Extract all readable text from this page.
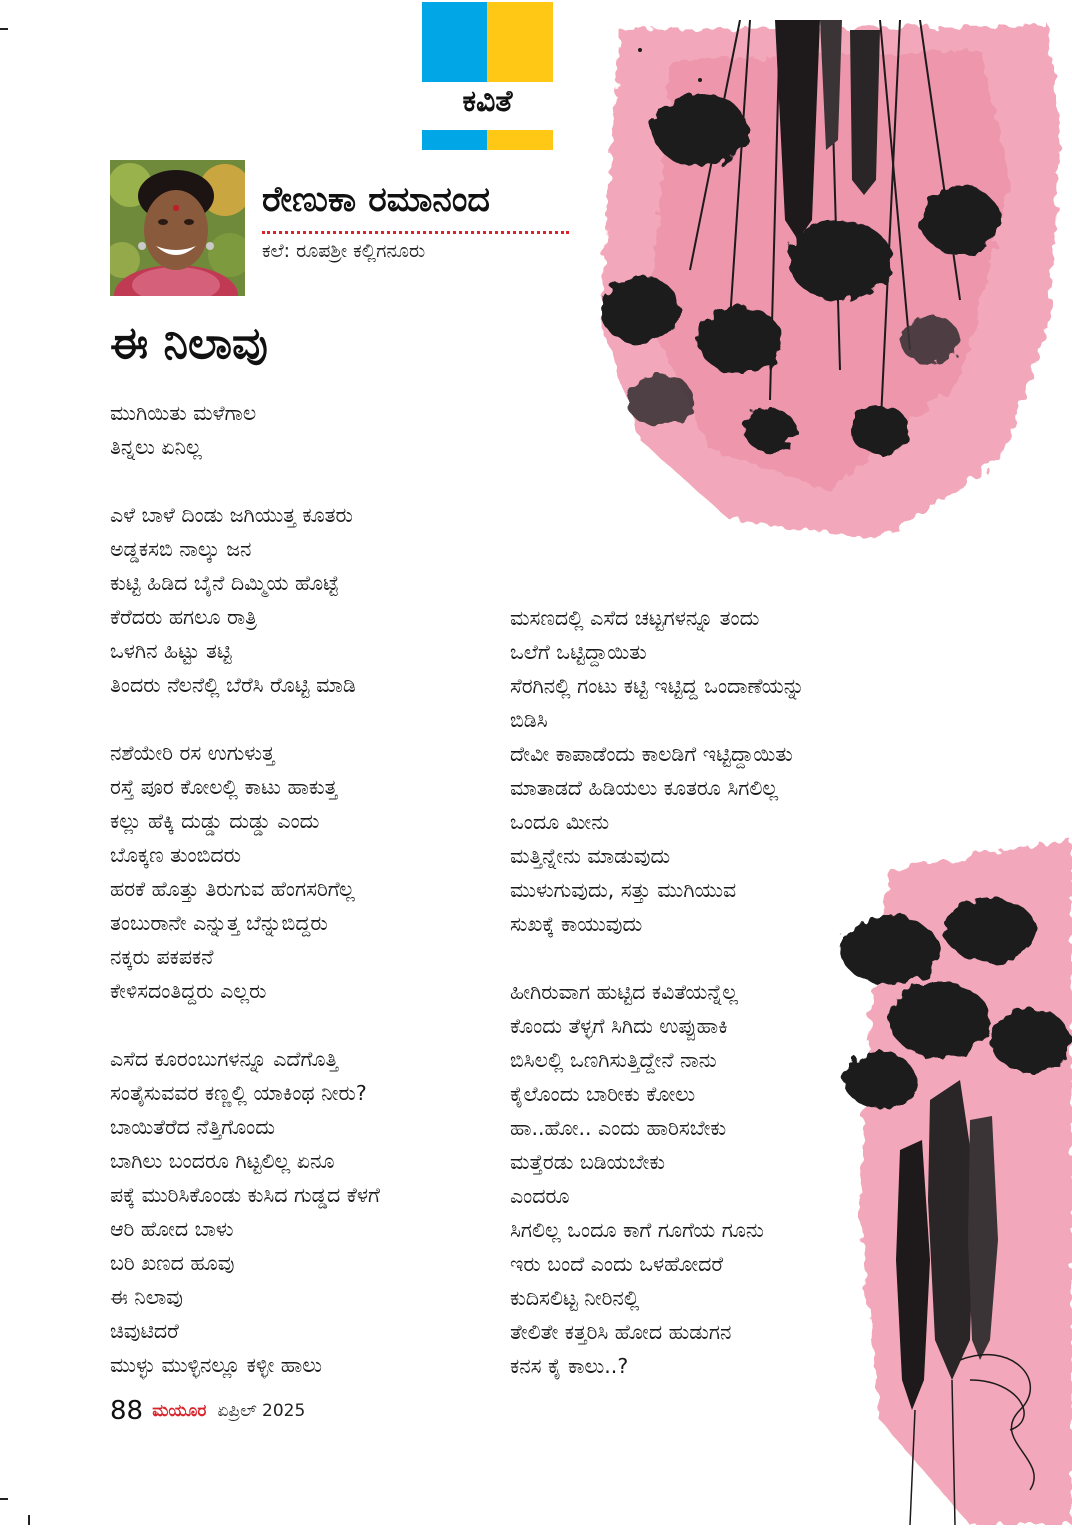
ಕವಿತೆ
ರೇಣುಕಾ ರಮಾನಂದ
ಕಲೆ: ರೂಪಶ್ರೀ ಕಲ್ಲಿಗನೂರು
ಈ ನಿಲಾವು
ಮುಗಿಯಿತು ಮಳೆಗಾಲ
ತಿನ್ನಲು ಏನಿಲ್ಲ
ಎಳೆ ಬಾಳೆ ದಿಂಡು ಜಗಿಯುತ್ತ ಕೂತರು
ಅಡ್ಡಕಸಬಿ ನಾಲ್ಕು ಜನ
ಕುಟ್ಟಿ ಹಿಡಿದ ಬೈನೆ ದಿಮ್ಮಿಯ ಹೊಟ್ಟೆ
ಕೆರೆದರು ಹಗಲೂ ರಾತ್ರಿ
ಒಳಗಿನ ಹಿಟ್ಟು ತಟ್ಟಿ
ತಿಂದರು ನೆಲನೆಲ್ಲಿ ಬೆರೆಸಿ ರೊಟ್ಟಿ ಮಾಡಿ
ನಶೆಯೇರಿ ರಸ ಉಗುಳುತ್ತ
ರಸ್ತೆ ಪೂರ ಕೋಲಲ್ಲಿ ಕಾಟು ಹಾಕುತ್ತ
ಕಲ್ಲು ಹೆಕ್ಕಿ ದುಡ್ಡು ದುಡ್ಡು ಎಂದು
ಬೊಕ್ಕಣ ತುಂಬಿದರು
ಹರಕೆ ಹೊತ್ತು ತಿರುಗುವ ಹೆಂಗಸರಿಗೆಲ್ಲ
ತಂಬುರಾನೇ ಎನ್ನುತ್ತ ಬೆನ್ನುಬಿದ್ದರು
ನಕ್ಕರು ಪಕಪಕನೆ
ಕೇಳಿಸದಂತಿದ್ದರು ಎಲ್ಲರು
ಎಸೆದ ಕೂರಂಬುಗಳನ್ನೂ ಎದೆಗೊತ್ತಿ
ಸಂತೈಸುವವರ ಕಣ್ಣಲ್ಲಿ ಯಾಕಿಂಥ ನೀರು?
ಬಾಯಿತೆರೆದ ನೆತ್ತಿಗೊಂದು
ಬಾಗಿಲು ಬಂದರೂ ಗಿಟ್ಟಲಿಲ್ಲ ಏನೂ
ಪಕ್ಕೆ ಮುರಿಸಿಕೊಂಡು ಕುಸಿದ ಗುಡ್ಡದ ಕೆಳಗೆ
ಆರಿ ಹೋದ ಬಾಳು
ಬರಿ ಖಣದ ಹೂವು
ಈ ನಿಲಾವು
ಚಿವುಟಿದರೆ
ಮುಳ್ಳು ಮುಳ್ಳಿನಲ್ಲೂ ಕಳ್ಳೀ ಹಾಲು
ಮಸಣದಲ್ಲಿ ಎಸೆದ ಚಟ್ಟಗಳನ್ನೂ ತಂದು
ಒಲೆಗೆ ಒಟ್ಟಿದ್ದಾಯಿತು
ಸೆರಗಿನಲ್ಲಿ ಗಂಟು ಕಟ್ಟಿ ಇಟ್ಟಿದ್ದ ಒಂದಾಣೆಯನ್ನು
ಬಿಡಿಸಿ
ದೇವೀ ಕಾಪಾಡೆಂದು ಕಾಲಡಿಗೆ ಇಟ್ಟಿದ್ದಾಯಿತು
ಮಾತಾಡದೆ ಹಿಡಿಯಲು ಕೂತರೂ ಸಿಗಲಿಲ್ಲ
ಒಂದೂ ಮೀನು
ಮತ್ತಿನ್ನೇನು ಮಾಡುವುದು
ಮುಳುಗುವುದು, ಸತ್ತು ಮುಗಿಯುವ
ಸುಖಕ್ಕೆ ಕಾಯುವುದು
ಹೀಗಿರುವಾಗ ಹುಟ್ಟಿದ ಕವಿತೆಯನ್ನೆಲ್ಲ
ಕೊಂದು ತೆಳ್ಳಗೆ ಸಿಗಿದು ಉಪ್ಪುಹಾಕಿ
ಬಿಸಿಲಲ್ಲಿ ಒಣಗಿಸುತ್ತಿದ್ದೇನೆ ನಾನು
ಕೈಲೊಂದು ಬಾರೀಕು ಕೋಲು
ಹಾ..ಹೋ.. ಎಂದು ಹಾರಿಸಬೇಕು
ಮತ್ತೆರಡು ಬಡಿಯಬೇಕು
ಎಂದರೂ
ಸಿಗಲಿಲ್ಲ ಒಂದೂ ಕಾಗೆ ಗೂಗೆಯ ಗೂನು
ಇರು ಬಂದೆ ಎಂದು ಒಳಹೋದರೆ
ಕುದಿಸಲಿಟ್ಟ ನೀರಿನಲ್ಲಿ
ತೇಲಿತೇ ಕತ್ತರಿಸಿ ಹೋದ ಹುಡುಗನ
ಕನಸ ಕೈ ಕಾಲು..?
88 ಮಯೂರ ಏಪ್ರಿಲ್ 2025
